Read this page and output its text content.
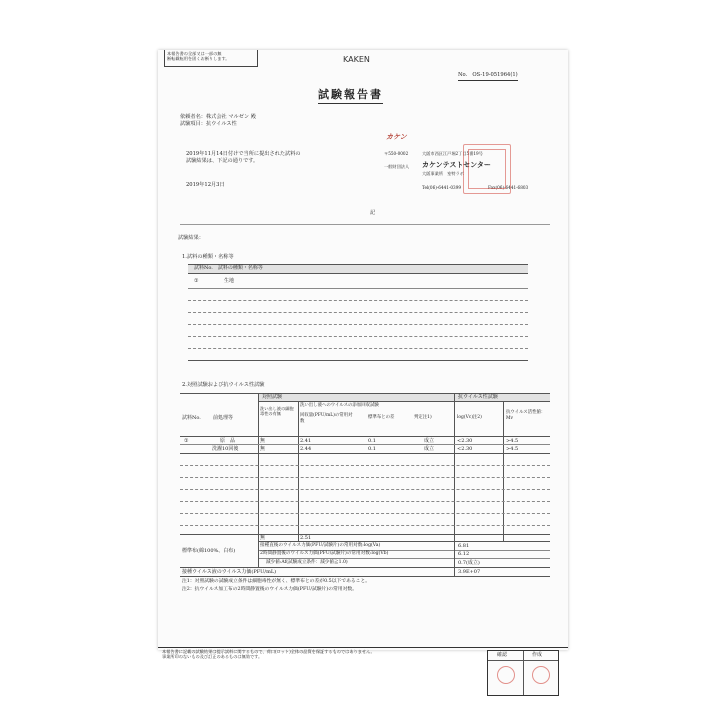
本報告書の全部又は一部の無
断転載転用を固くお断りします。	KAKEN
No.　OS-19-051964(1)
試験報告書
依頼者名：株式会社 マルゼン 殿
試験項目：抗ウイルス性
2019年11月14日付けで当所に提出された試料の
試験結果は、下記の通りです。
2019年12月3日
カケン
〒550-0002	大阪市西区江戸堀2丁目5番19号
一般財団法人 カケンテストセンター
大阪事業所　室特ラボ
Tel(06)-6441-0399	Fax(06)-6441-6803
記
試験結果：
1.試料の種類・名称等
試料No.　試料の種類・名称等
①	生地
2.対照試験および抗ウイルス性試験
対照試験	抗ウイルス性試験
試料No. 前処理等
洗い出し液の細胞毒性の有無
洗い出し液へのウイルスの添加回収試験
回収量(PFU/mL)の常用対数
標準布との差	判定注1)	log(Vc)注2)
抗ウイルス活性値：Mv
①	原　品	無	2.41	0.1	成立	<2.30	>4.5
洗濯10回後	無	2.44	0.1	成立	<2.30	>4.5
標準布(綿100%、白布)
無	2.51
接種直後のウイルス力価(PFU/試験片)の常用対数:log(Va)	6.81
2時間静置後のウイルス力価(PFU/試験片)の常用対数:log(Vb)	6.12
減少値:Af(試験成立条件：減少値≧1.0)	0.7(成立)
接種ウイルス液のウイルス力価(PFU/mL)	3.9E+07
注1：対照試験の試験成立条件は細胞毒性が無く、標準布との差が0.5以下であること。
注2：抗ウイルス加工布の2時間静置後のウイルス力価(PFU/試験片)の常用対数。
本報告書に記載の試験結果は提示試料に関するもので、荷口(ロット)全体の品質を保証するものではありません。
事業所印のないもの及び訂正のあるものは無効です。	確認	作成
